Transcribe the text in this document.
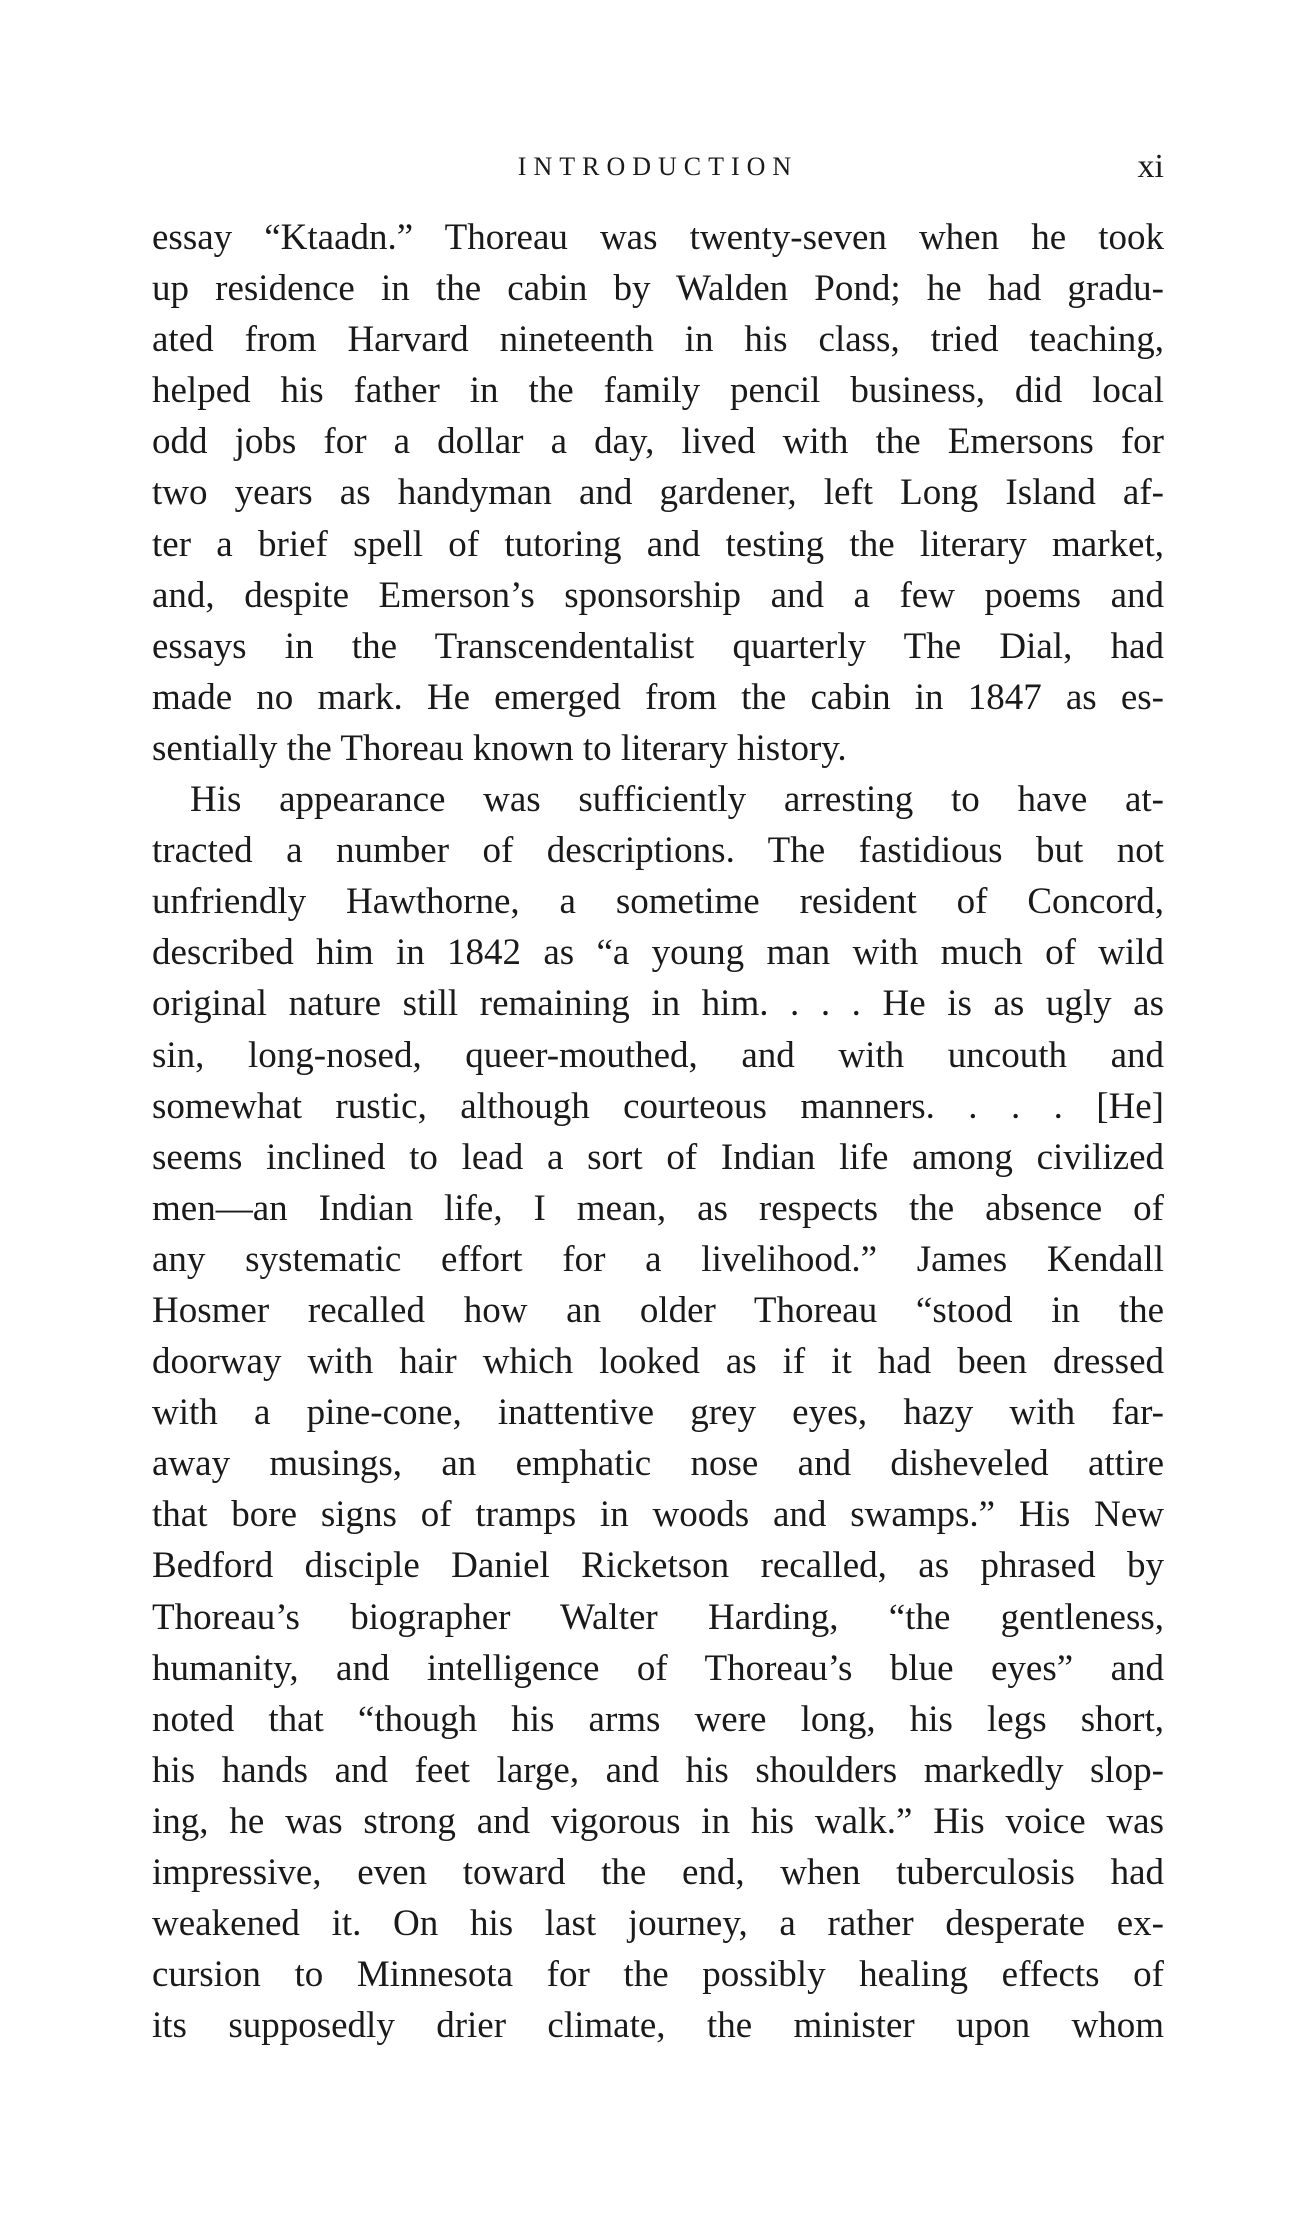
INTRODUCTION	xi
essay “Ktaadn.” Thoreau was twenty-seven when he took
up residence in the cabin by Walden Pond; he had gradu-
ated from Harvard nineteenth in his class, tried teaching,
helped his father in the family pencil business, did local
odd jobs for a dollar a day, lived with the Emersons for
two years as handyman and gardener, left Long Island af-
ter a brief spell of tutoring and testing the literary market,
and, despite Emerson’s sponsorship and a few poems and
essays in the Transcendentalist quarterly The Dial, had
made no mark. He emerged from the cabin in 1847 as es-
sentially the Thoreau known to literary history.
His appearance was sufficiently arresting to have at-
tracted a number of descriptions. The fastidious but not
unfriendly Hawthorne, a sometime resident of Concord,
described him in 1842 as “a young man with much of wild
original nature still remaining in him. . . . He is as ugly as
sin, long-nosed, queer-mouthed, and with uncouth and
somewhat rustic, although courteous manners. . . . [He]
seems inclined to lead a sort of Indian life among civilized
men—an Indian life, I mean, as respects the absence of
any systematic effort for a livelihood.” James Kendall
Hosmer recalled how an older Thoreau “stood in the
doorway with hair which looked as if it had been dressed
with a pine-cone, inattentive grey eyes, hazy with far-
away musings, an emphatic nose and disheveled attire
that bore signs of tramps in woods and swamps.” His New
Bedford disciple Daniel Ricketson recalled, as phrased by
Thoreau’s biographer Walter Harding, “the gentleness,
humanity, and intelligence of Thoreau’s blue eyes” and
noted that “though his arms were long, his legs short,
his hands and feet large, and his shoulders markedly slop-
ing, he was strong and vigorous in his walk.” His voice was
impressive, even toward the end, when tuberculosis had
weakened it. On his last journey, a rather desperate ex-
cursion to Minnesota for the possibly healing effects of
its supposedly drier climate, the minister upon whom
